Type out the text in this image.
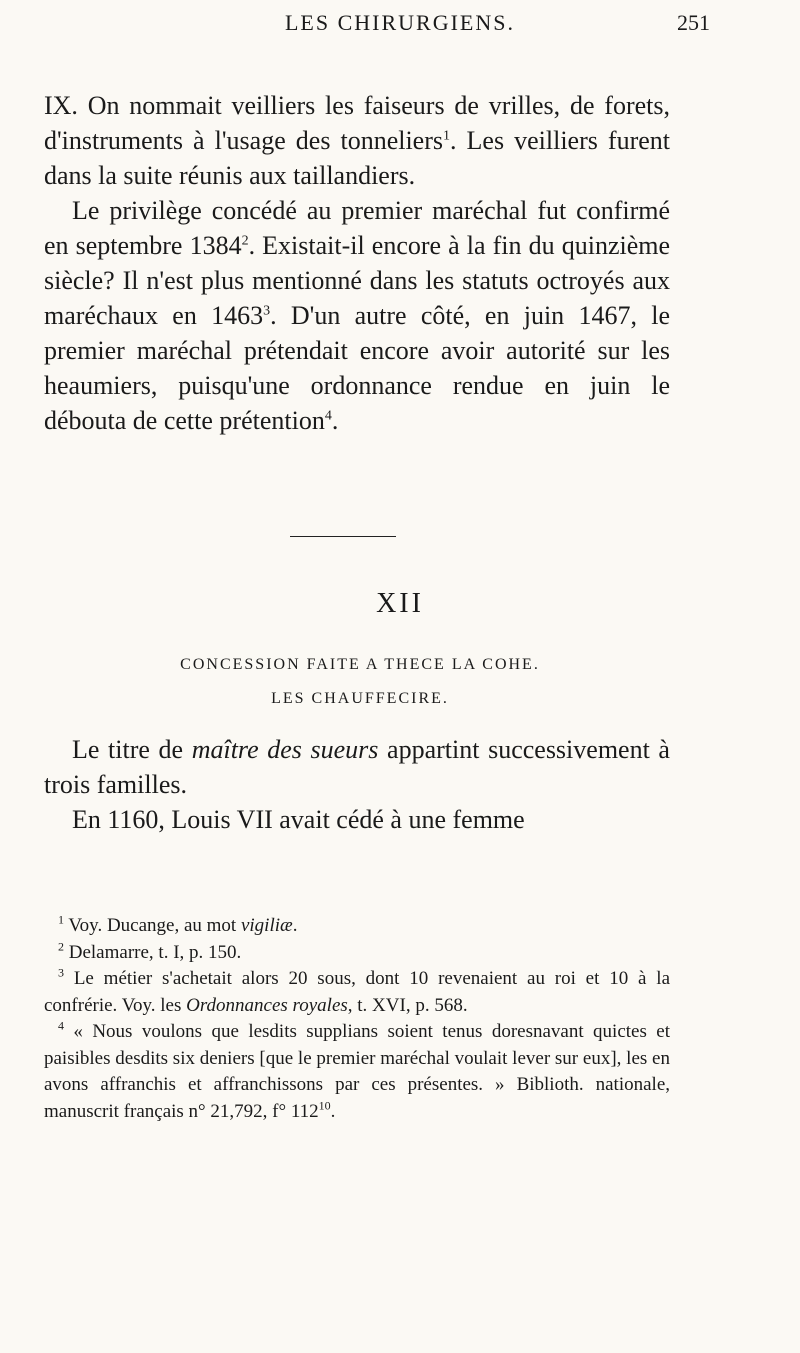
LES CHIRURGIENS.	251

IX. On nommait veilliers les faiseurs de vrilles, de forets, d'instruments à l'usage des tonneliers$^1$. Les veilliers furent dans la suite réunis aux taillandiers.

Le privilège concédé au premier maréchal fut confirmé en septembre 1384$^2$. Existait-il encore à la fin du quinzième siècle? Il n'est plus mentionné dans les statuts octroyés aux maréchaux en 1463$^3$. D'un autre côté, en juin 1467, le premier maréchal prétendait encore avoir autorité sur les heaumiers, puisqu'une ordonnance rendue en juin le débouta de cette prétention$^4$.

XII
CONCESSION FAITE A THECE LA COHE.
LES CHAUFFECIRE.

Le titre de maître des sueurs appartint successivement à trois familles.

En 1160, Louis VII avait cédé à une femme

$^1$ Voy. Ducange, au mot vigiliæ.

$^2$ Delamarre, t. I, p. 150.

$^3$ Le métier s'achetait alors 20 sous, dont 10 revenaient au roi et 10 à la confrérie. Voy. les Ordonnances royales, t. XVI, p. 568.

$^4$ « Nous voulons que lesdits supplians soient tenus doresnavant quictes et paisibles desdits six deniers [que le premier maréchal voulait lever sur eux], les en avons affranchis et affranchissons par ces présentes. » Biblioth. nationale, manuscrit français n° 21,792, f° $112^{10}$.
